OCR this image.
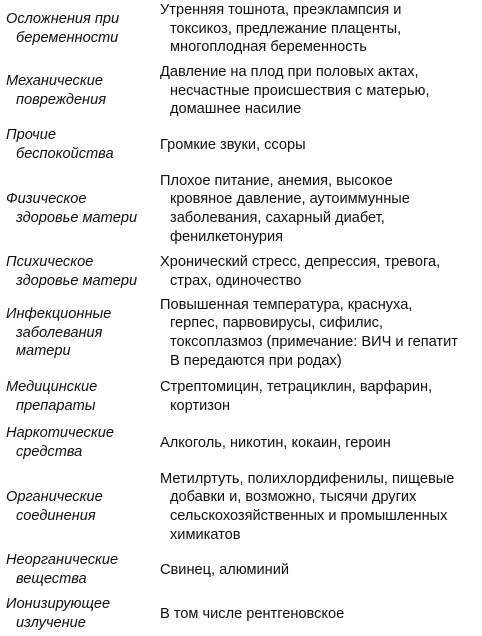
Осложнения при
беременности
Утренняя тошнота, преэклампсия и
токсикоз, предлежание плаценты,
многоплодная беременность
Механические
повреждения
Давление на плод при половых актах,
несчастные происшествия с матерью,
домашнее насилие
Прочие
беспокойства
Громкие звуки, ссоры
Физическое
здоровье матери
Плохое питание, анемия, высокое
кровяное давление, аутоиммунные
заболевания, сахарный диабет,
фенилкетонурия
Психическое
здоровье матери
Хронический стресс, депрессия, тревога,
страх, одиночество
Инфекционные
заболевания
матери
Повышенная температура, краснуха,
герпес, парвовирусы, сифилис,
токсоплазмоз (примечание: ВИЧ и гепатит
В передаются при родах)
Медицинские
препараты
Стрептомицин, тетрациклин, варфарин,
кортизон
Наркотические
средства
Алкоголь, никотин, кокаин, героин
Органические
соединения
Метилртуть, полихлордифенилы, пищевые
добавки и, возможно, тысячи других
сельскохозяйственных и промышленных
химикатов
Неорганические
вещества
Свинец, алюминий
Ионизирующее
излучение
В том числе рентгеновское
